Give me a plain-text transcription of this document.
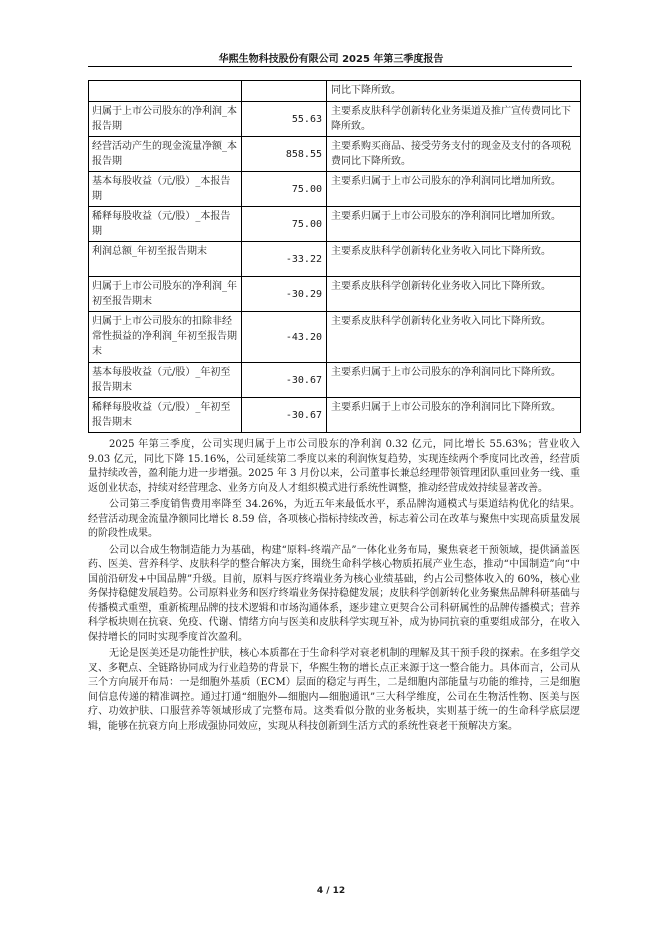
华熙生物科技股份有限公司 2025 年第三季度报告
		同比下降所致。
归属于上市公司股东的净利润_本报告期	55.63	主要系皮肤科学创新转化业务渠道及推广宣传费同比下降所致。
经营活动产生的现金流量净额_本报告期	858.55	主要系购买商品、接受劳务支付的现金及支付的各项税费同比下降所致。
基本每股收益（元/股）_本报告期	75.00	主要系归属于上市公司股东的净利润同比增加所致。
稀释每股收益（元/股）_本报告期	75.00	主要系归属于上市公司股东的净利润同比增加所致。
利润总额_年初至报告期末	-33.22	主要系皮肤科学创新转化业务收入同比下降所致。
归属于上市公司股东的净利润_年初至报告期末	-30.29	主要系皮肤科学创新转化业务收入同比下降所致。
归属于上市公司股东的扣除非经常性损益的净利润_年初至报告期末	-43.20	主要系皮肤科学创新转化业务收入同比下降所致。
基本每股收益（元/股）_年初至报告期末	-30.67	主要系归属于上市公司股东的净利润同比下降所致。
稀释每股收益（元/股）_年初至报告期末	-30.67	主要系归属于上市公司股东的净利润同比下降所致。

2025 年第三季度，公司实现归属于上市公司股东的净利润 0.32 亿元，同比增长 55.63%；营业收入 9.03 亿元，同比下降 15.16%，公司延续第二季度以来的利润恢复趋势，实现连续两个季度同比改善，经营质量持续改善，盈利能力进一步增强。2025 年 3 月份以来，公司董事长兼总经理带领管理团队重回业务一线、重返创业状态，持续对经营理念、业务方向及人才组织模式进行系统性调整，推动经营成效持续显著改善。

公司第三季度销售费用率降至 34.26%，为近五年来最低水平，系品牌沟通模式与渠道结构优化的结果。经营活动现金流量净额同比增长 8.59 倍，各项核心指标持续改善，标志着公司在改革与聚焦中实现高质量发展的阶段性成果。

公司以合成生物制造能力为基础，构建“原料-终端产品”一体化业务布局，聚焦衰老干预领域，提供涵盖医药、医美、营养科学、皮肤科学的整合解决方案，围绕生命科学核心物质拓展产业生态，推动“中国制造”向“中国前沿研发+中国品牌”升级。目前，原料与医疗终端业务为核心业绩基础，约占公司整体收入的 60%，核心业务保持稳健发展趋势。公司原料业务和医疗终端业务保持稳健发展；皮肤科学创新转化业务聚焦品牌科研基础与传播模式重塑，重新梳理品牌的技术逻辑和市场沟通体系，逐步建立更契合公司科研属性的品牌传播模式；营养科学板块则在抗衰、免疫、代谢、情绪方向与医美和皮肤科学实现互补，成为协同抗衰的重要组成部分，在收入保持增长的同时实现季度首次盈利。

无论是医美还是功能性护肤，核心本质都在于生命科学对衰老机制的理解及其干预手段的探索。在多组学交叉、多靶点、全链路协同成为行业趋势的背景下，华熙生物的增长点正来源于这一整合能力。具体而言，公司从三个方向展开布局：一是细胞外基质（ECM）层面的稳定与再生，二是细胞内部能量与功能的维持，三是细胞间信息传递的精准调控。通过打通“细胞外—细胞内—细胞通讯”三大科学维度，公司在生物活性物、医美与医疗、功效护肤、口服营养等领域形成了完整布局。这类看似分散的业务板块，实则基于统一的生命科学底层逻辑，能够在抗衰方向上形成强协同效应，实现从科技创新到生活方式的系统性衰老干预解决方案。

4 / 12
